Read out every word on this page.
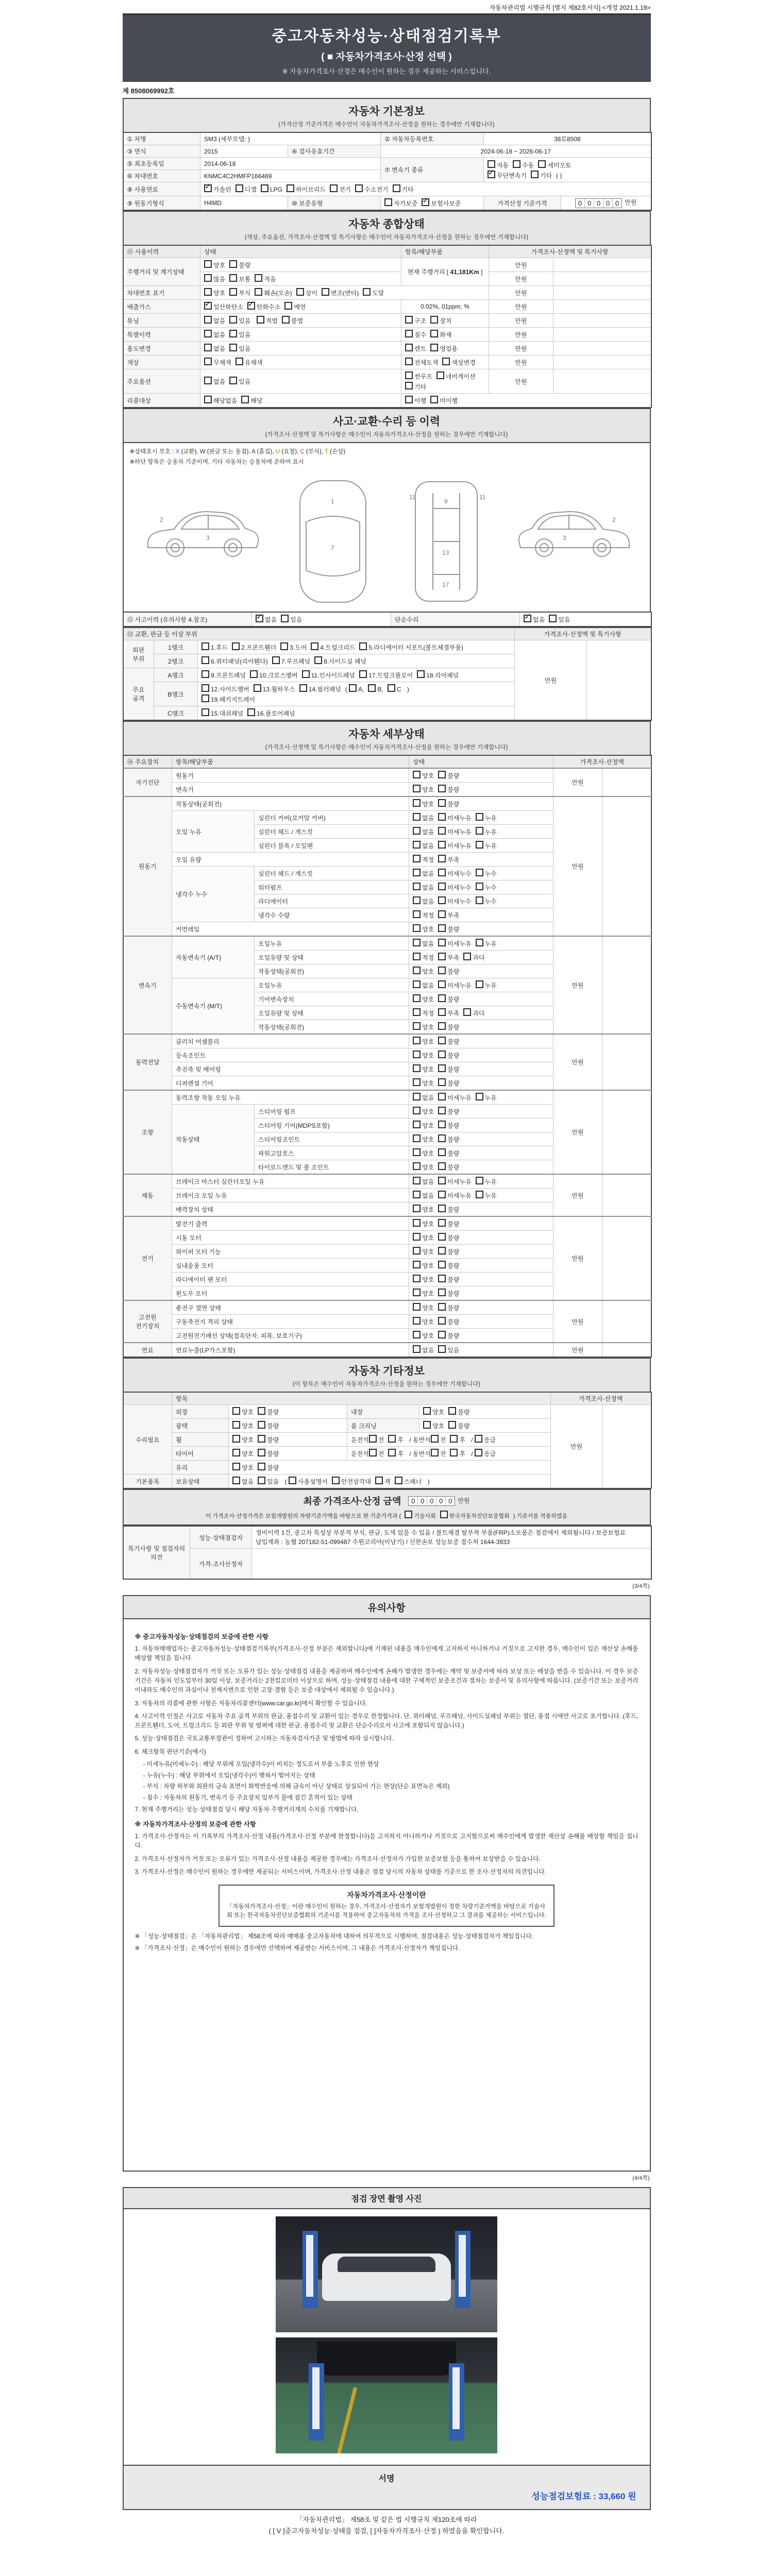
자동차관리법 시행규칙 [별지 제82호서식] <개정 2021.1.19>
중고자동차성능·상태점검기록부
( ■ 자동차가격조사·산정 선택 )
※ 자동차가격조사·산정은 매수인이 원하는 경우 제공하는 서비스입니다.
제 8508069992호
자동차 기본정보
(가격산정 기준가격은 매수인이 자동차가격조사·산정을 원하는 경우에만 기재합니다)
① 차명	SM3 (세부모델: )		② 자동차등록번호	38로8508	
③ 연식	2015	④ 검사유효기간	2024-06-18 ~ 2026-06-17		
⑤ 최초등록일	2014-06-18		⑦ 변속기 종류	자동 수동 세미오토
✓무단변속기 기타 ( )
⑥ 차대번호	KNMC4C2HMFP166469				
⑧ 사용연료	✓가솔린 디젤 LPG 하이브리드 전기 수소전기 기타
⑨ 원동기형식	H4MD	⑩ 보증유형	자가보증 ✓ 보험사보증	가격산정 기준가격	0 0 0 0 0 만원
자동차 종합상태
(색상, 주요옵션, 가격조사·산정액 및 특기사항은 매수인이 자동차가격조사·산정을 원하는 경우에만 기재합니다)
⑪ 사용이력	상태	항목/해당부품	가격조사·산정액 및 특기사항	
주행거리 및 계기상태	양호 불량	현재 주행거리 [ 41,181Km ]	만원	
	많음 보통 적음		만원	
차대번호 표기	양호 부식 훼손(오손) 상이 변조(변타) 도말		만원	
배출가스	✓일산화탄소 ✓ 탄화수소 매연	0.02%, 01ppm, %	만원	
튜닝	없음 있음 적법 불법	구조 장치	만원	
특별이력	없음 있음	침수 화재	만원	
용도변경	없음 있음	렌트 영업용	만원	
색상	무채색 유채색	전체도색 색상변경	만원	
주요옵션	없음 있음	썬루프 네비게이션기타	만원	
리콜대상	해당없음 해당	이행 미이행		
사고·교환·수리 등 이력
(가격조사·산정액 및 특기사항은 매수인이 자동차가격조사·산정을 원하는 경우에만 기재합니다)
※상태표시 부호 : X (교환), W (판금 또는 용접), A (흠집), U (요철), C (부식), T (손상)
※하단 항목은 승용차 기준이며, 기타 자동차는 승용차에 준하여 표시
2
3
1
7
11	11
9
13
17
2
3
⑫ 사고이력 (유의사항 4.참조)	✓없음 있음	단순수리	✓없음 있음
⑬ 교환, 판금 등 이상 부위			가격조사·산정액 및 특기사항	
외판 부위	1랭크	1.후드 2.프론트휀더 3.도어 4.트렁크리드 5.라디에이터 서포트(볼트체결부품)	만원	
	2랭크	6.쿼터패널(리어휀다) 7.루프패널 8.사이드실 패널		
주요 골격	A랭크	9.프론트패널 10.크로스멤버 11.인사이드패널 17.트렁크플로어 18.리어패널		
	B랭크	12.사이드멤버 13.휠하우스 14.필러패널 ( A, B, C )
19.패키지트레이		
	C랭크	15.대쉬패널 16.플로어패널		
자동차 세부상태
(가격조사·산정액 및 특기사항은 매수인이 자동차가격조사·산정을 원하는 경우에만 기재합니다)
⑭ 주요장치	항목/해당부품		상태	가격조사·산정액	
자기진단	원동기		양호 불량	만원	
	변속기		양호 불량		
원동기	작동상태(공회전)		양호 불량	만원	
	오일 누유	실린더 커버(로커암 커버)	없음 미세누유 누유		
		실린더 헤드 / 개스킷	없음 미세누유 누유		
		실린더 블록 / 오일팬	없음 미세누유 누유		
	오일 유량		적정 부족		
	냉각수 누수	실린더 헤드 / 개스킷	없음 미세누수 누수		
		워터펌프	없음 미세누수 누수		
		라디에이터	없음 미세누수 누수		
		냉각수 수량	적정 부족		
	커먼레일		양호 불량		
변속기	자동변속기 (A/T)	오일누유	없음 미세누유 누유	만원	
		오일유량 및 상태	적정 부족 과다		
		작동상태(공회전)	양호 불량		
	수동변속기 (M/T)	오일누유	없음 미세누유 누유		
		기어변속장치	양호 불량		
		오일유량 및 상태	적정 부족 과다		
		작동상태(공회전)	양호 불량		
동력전달	클러치 어셈블리		양호 불량	만원	
	등속조인트		양호 불량		
	추진축 및 베어링		양호 불량		
	디퍼렌셜 기어		양호 불량		
조향	동력조향 작동 오일 누유		없음 미세누유 누유	만원	
	작동상태	스티어링 펌프	양호 불량		
		스티어링 기어(MDPS포함)	양호 불량		
		스티어링조인트	양호 불량		
		파워고압호스	양호 불량		
		타이로드엔드 및 볼 조인트	양호 불량		
제동	브레이크 마스터 실린더오일 누유		없음 미세누유 누유	만원	
	브레이크 오일 누유		없음 미세누유 누유		
	배력장치 상태		양호 불량		
전기	발전기 출력		양호 불량	만원	
	시동 모터		양호 불량		
	와이퍼 모터 기능		양호 불량		
	실내송풍 모터		양호 불량		
	라디에이터 팬 모터		양호 불량		
	윈도우 모터		양호 불량		
고전원 전기장치	충전구 절연 상태		양호 불량	만원	
	구동축전지 격리 상태		양호 불량		
	고전원전기배선 상태(접속단자, 피복, 보호기구)		양호 불량		
연료	연료누출(LP가스포함)		없음 있음	만원	
자동차 기타정보
(이 항목은 매수인이 자동차가격조사·산정을 원하는 경우에만 기재합니다)
	항목				가격조사·산정액	
수리필요	외장	양호 불량	내장	양호 불량	만원	
	광택	양호 불량	룸 크리닝	양호 불량		
	휠	양호 불량	운전석 전 후 / 동반석 전 후 / 응급			
	타이어	양호 불량	운전석 전 후 / 동반석 전 후 / 응급			
	유리	양호 불량				
기본품목	보유상태	없음 있음 ( 사용설명서 안전삼각대 잭 스패너 )				
최종 가격조사·산정 금액	0 0 0 0 0 만원
이 가격조사·산정가격은 보험개발원의 차량기준가액을 바탕으로 한 기준가격과 ( 기술사회 한국자동차진단보증협회 ) 기준서를 적용하였음
특기사항 및 점검자의 의견	성능·상태점검자	정비이력 1건, 중고차 특성상 부분적 부식, 판금, 도색 있을 수 있음 / 볼트체결 탈부착 부품(FRP)소모품은 점검에서 제외됩니다 / 보증보험료 납입계좌 : 농협 207182-51-099487 수원코리아(이남기) / 신한손보 성능보증 접수처 1644-3933
	가격·조사산정자	
(3/4쪽)
유의사항
※ 중고자동차성능·상태점검의 보증에 관한 사항
1. 자동차매매업자는 중고자동차성능·상태점검기록부(가격조사·산정 부분은 제외합니다)에 기재된 내용을 매수인에게 고지하지 아니하거나 거짓으로 고지한 경우, 매수인이 입은 재산상 손해를 배상할 책임을 집니다.
2. 자동차성능·상태점검자가 거짓 또는 오류가 있는 성능·상태점검 내용을 제공하여 매수인에게 손해가 발생한 경우에는 계약 및 보증서에 따라 보상 또는 배상을 받을 수 있습니다. 이 경우 보증기간은 자동차 인도일부터 30일 이상, 보증거리는 2천킬로미터 이상으로 하며, 성능·상태점검 내용에 대한 구체적인 보증조건과 절차는 보증서 및 유의사항에 따릅니다. (보증기간 또는 보증거리 이내라도 매수인의 과실이나 천재지변으로 인한 고장·결함 등은 보증 대상에서 제외될 수 있습니다.)
3. 자동차의 리콜에 관한 사항은 자동차리콜센터(www.car.go.kr)에서 확인할 수 있습니다.
4. 사고이력 인정은 사고로 자동차 주요 골격 부위의 판금, 용접수리 및 교환이 있는 경우로 한정합니다. 단, 쿼터패널, 루프패널, 사이드실패널 부위는 절단, 용접 시에만 사고로 표기합니다. (후드, 프론트휀더, 도어, 트렁크리드 등 외판 부위 및 범퍼에 대한 판금, 용접수리 및 교환은 단순수리로서 사고에 포함되지 않습니다.)
5. 성능·상태점검은 국토교통부장관이 정하여 고시하는 자동차검사기준 및 방법에 따라 실시합니다.
6. 체크항목 판단기준(예시)
- 미세누유(미세누수) : 해당 부위에 오일(냉각수)이 비치는 정도로서 부품 노후로 인한 현상
- 누유(누수) : 해당 부위에서 오일(냉각수)이 맺혀서 떨어지는 상태
- 부식 : 차량 하부와 외판의 금속 표면이 화학반응에 의해 금속이 아닌 상태로 상실되어 가는 현상(단순 표면녹은 제외)
- 침수 : 자동차의 원동기, 변속기 등 주요장치 일부가 물에 잠긴 흔적이 있는 상태
7. 현재 주행거리는 성능·상태점검 당시 해당 자동차 주행거리계의 수치를 기재합니다.
※ 자동차가격조사·산정의 보증에 관한 사항
1. 가격조사·산정자는 이 기록부의 가격조사·산정 내용(가격조사·산정 부분에 한정합니다)을 고지하지 아니하거나 거짓으로 고지함으로써 매수인에게 발생한 재산상 손해를 배상할 책임을 집니다.
2. 가격조사·산정자가 거짓 또는 오류가 있는 가격조사·산정 내용을 제공한 경우에는 가격조사·산정자가 가입한 보증보험 등을 통하여 보상받을 수 있습니다.
3. 가격조사·산정은 매수인이 원하는 경우에만 제공되는 서비스이며, 가격조사·산정 내용은 점검 당시의 자동차 상태를 기준으로 한 조사·산정자의 의견입니다.
자동차가격조사·산정이란
「자동차가격조사·산정」이란 매수인이 원하는 경우, 가격조사·산정자가 보험개발원이 정한 차량기준가액을 바탕으로 기술사회 또는 한국자동차진단보증협회의 기준서를 적용하여 중고자동차의 가격을 조사·산정하고 그 결과를 제공하는 서비스입니다.
※ 「성능·상태점검」은 「자동차관리법」 제58조에 따라 매매용 중고자동차에 대하여 의무적으로 시행하며, 점검내용은 성능·상태점검자가 책임집니다.
※ 「가격조사·산정」은 매수인이 원하는 경우에만 선택하여 제공받는 서비스이며, 그 내용은 가격조사·산정자가 책임집니다.
(4/4쪽)
점검 장면 촬영 사진
서명
성능점검보험료 : 33,660 원
「자동차관리법」 제58조 및 같은 법 시행규칙 제120조에 따라
( [ V ]중고자동차성능·상태를 점검, [ ]자동차가격조사·산정 ) 하였음을 확인합니다.
